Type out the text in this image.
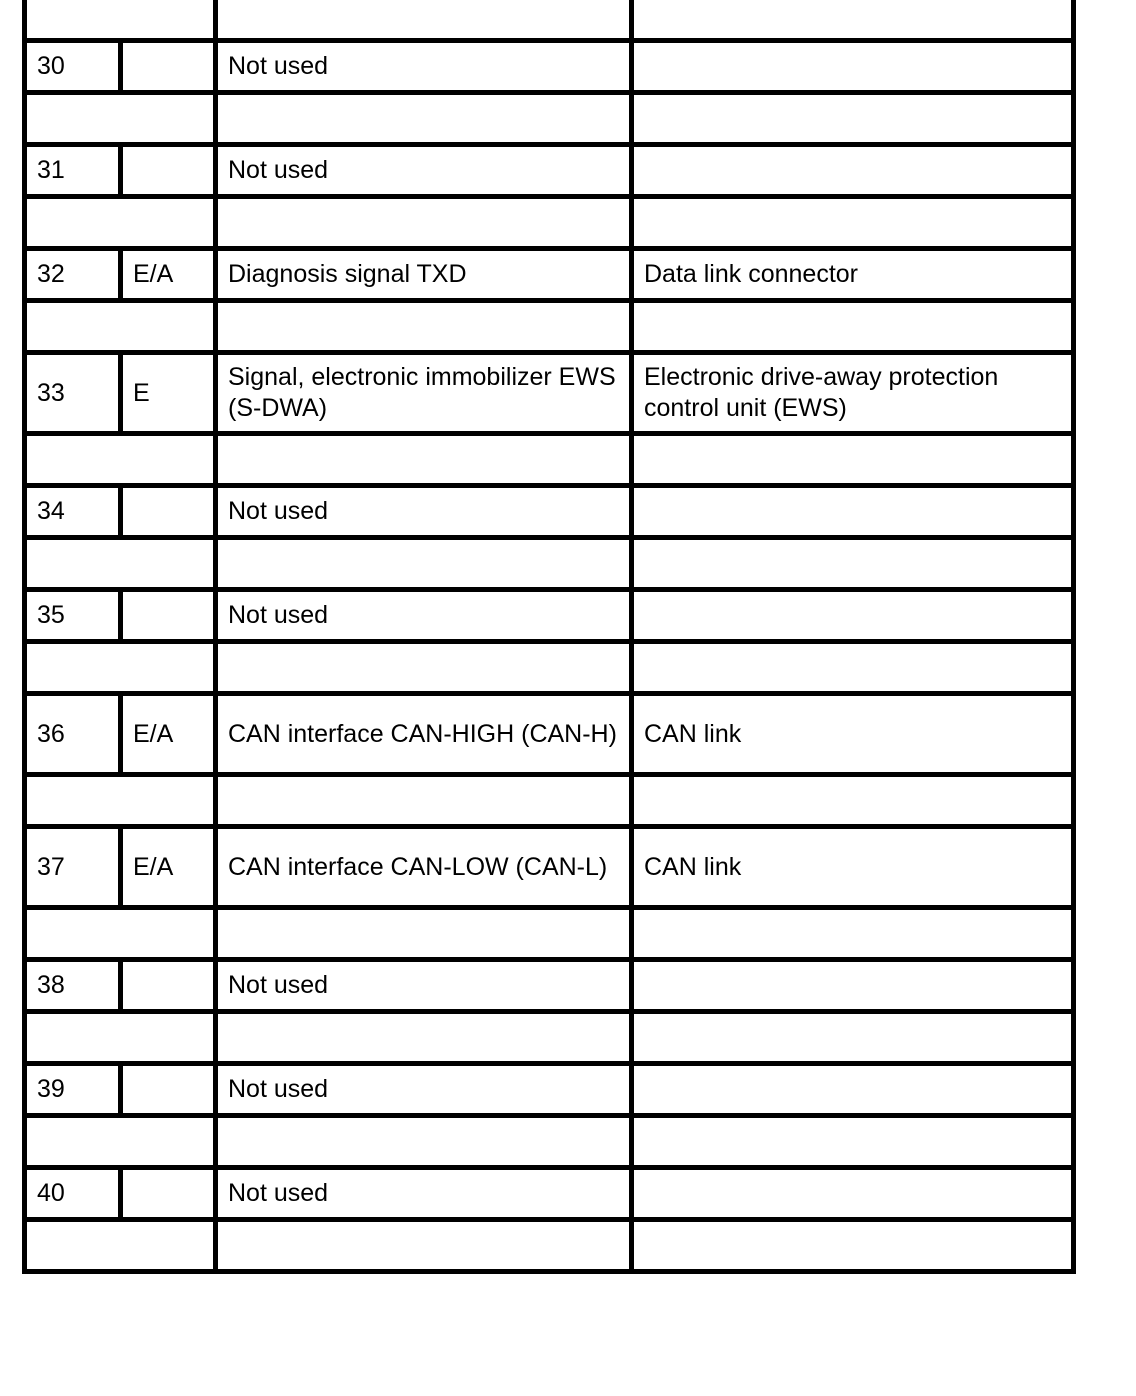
30		Not used	

31		Not used	

32	E/A	Diagnosis signal TXD	Data link connector

33	E	Signal, electronic immobilizer EWS (S-DWA)	Electronic drive-away protection control unit (EWS)

34		Not used	

35		Not used	

36	E/A	CAN interface CAN-HIGH (CAN-H)	CAN link

37	E/A	CAN interface CAN-LOW (CAN-L)	CAN link

38		Not used	

39		Not used	

40		Not used	
